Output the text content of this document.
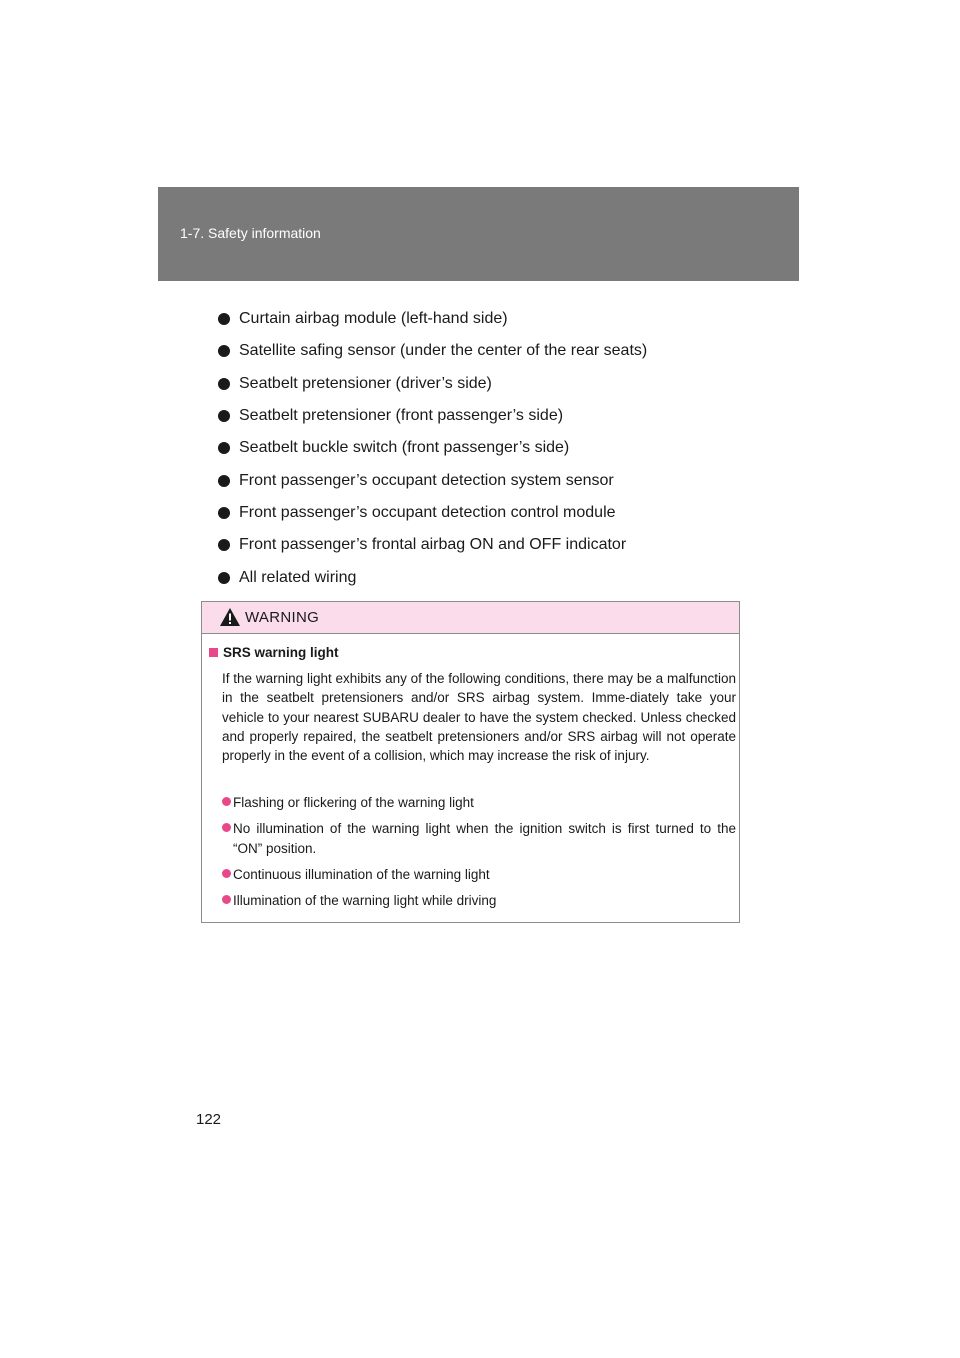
1-7. Safety information
Curtain airbag module (left-hand side)
Satellite safing sensor (under the center of the rear seats)
Seatbelt pretensioner (driver’s side)
Seatbelt pretensioner (front passenger’s side)
Seatbelt buckle switch (front passenger’s side)
Front passenger’s occupant detection system sensor
Front passenger’s occupant detection control module
Front passenger’s frontal airbag ON and OFF indicator
All related wiring
WARNING
SRS warning light

If the warning light exhibits any of the following conditions, there may be a malfunction in the seatbelt pretensioners and/or SRS airbag system. Imme-diately take your vehicle to your nearest SUBARU dealer to have the system checked. Unless checked and properly repaired, the seatbelt pretensioners and/or SRS airbag will not operate properly in the event of a collision, which may increase the risk of injury.

Flashing or flickering of the warning light
No illumination of the warning light when the ignition switch is first turned to the “ON” position.
Continuous illumination of the warning light
Illumination of the warning light while driving
122
